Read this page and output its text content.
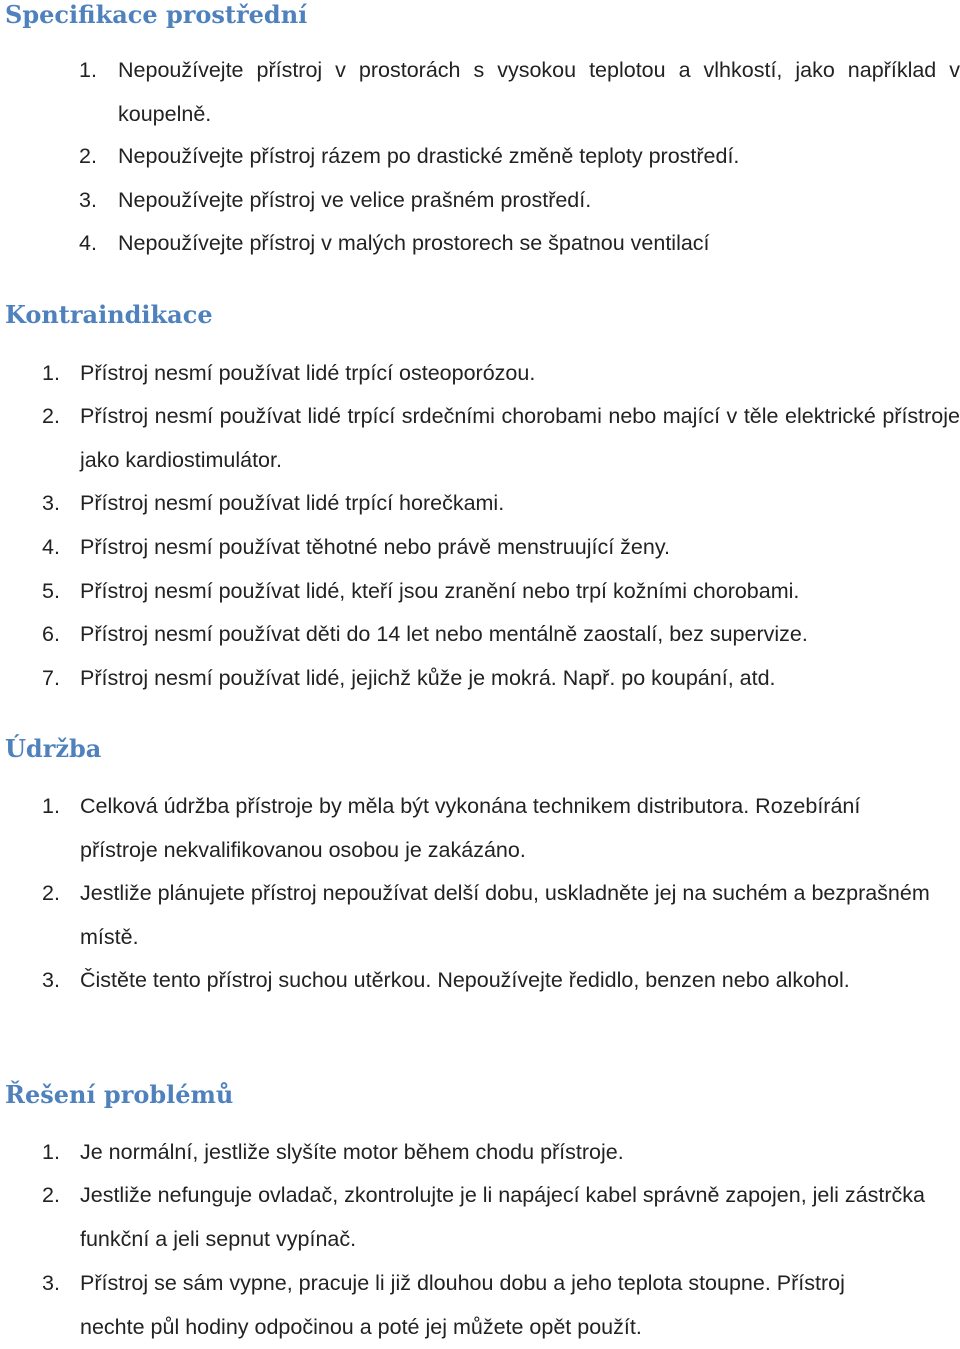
Specifikace prostřední
1. Nepoužívejte přístroj v prostorách s vysokou teplotou a vlhkostí, jako například v koupelně.
2. Nepoužívejte přístroj rázem po drastické změně teploty prostředí.
3. Nepoužívejte přístroj ve velice prašném prostředí.
4. Nepoužívejte přístroj v malých prostorech se špatnou ventilací
Kontraindikace
1. Přístroj nesmí používat lidé trpící osteoporózou.
2. Přístroj nesmí používat lidé trpící srdečními chorobami nebo mající v těle elektrické přístroje jako kardiostimulátor.
3. Přístroj nesmí používat lidé trpící horečkami.
4. Přístroj nesmí používat těhotné nebo právě menstruující ženy.
5. Přístroj nesmí používat lidé, kteří jsou zranění nebo trpí kožními chorobami.
6. Přístroj nesmí používat děti do 14 let nebo mentálně zaostalí, bez supervize.
7. Přístroj nesmí používat lidé, jejichž kůže je mokrá. Např. po koupání, atd.
Údržba
1. Celková údržba přístroje by měla být vykonána technikem distributora. Rozebírání přístroje nekvalifikovanou osobou je zakázáno.
2. Jestliže plánujete přístroj nepoužívat delší dobu, uskladněte jej na suchém a bezprašném místě.
3. Čistěte tento přístroj suchou utěrkou. Nepoužívejte ředidlo, benzen nebo alkohol.
Řešení problémů
1. Je normální, jestliže slyšíte motor během chodu přístroje.
2. Jestliže nefunguje ovladač, zkontrolujte je li napájecí kabel správně zapojen, jeli zástrčka funkční a jeli sepnut vypínač.
3. Přístroj se sám vypne, pracuje li již dlouhou dobu a jeho teplota stoupne. Přístroj nechte půl hodiny odpočinou a poté jej můžete opět použít.
